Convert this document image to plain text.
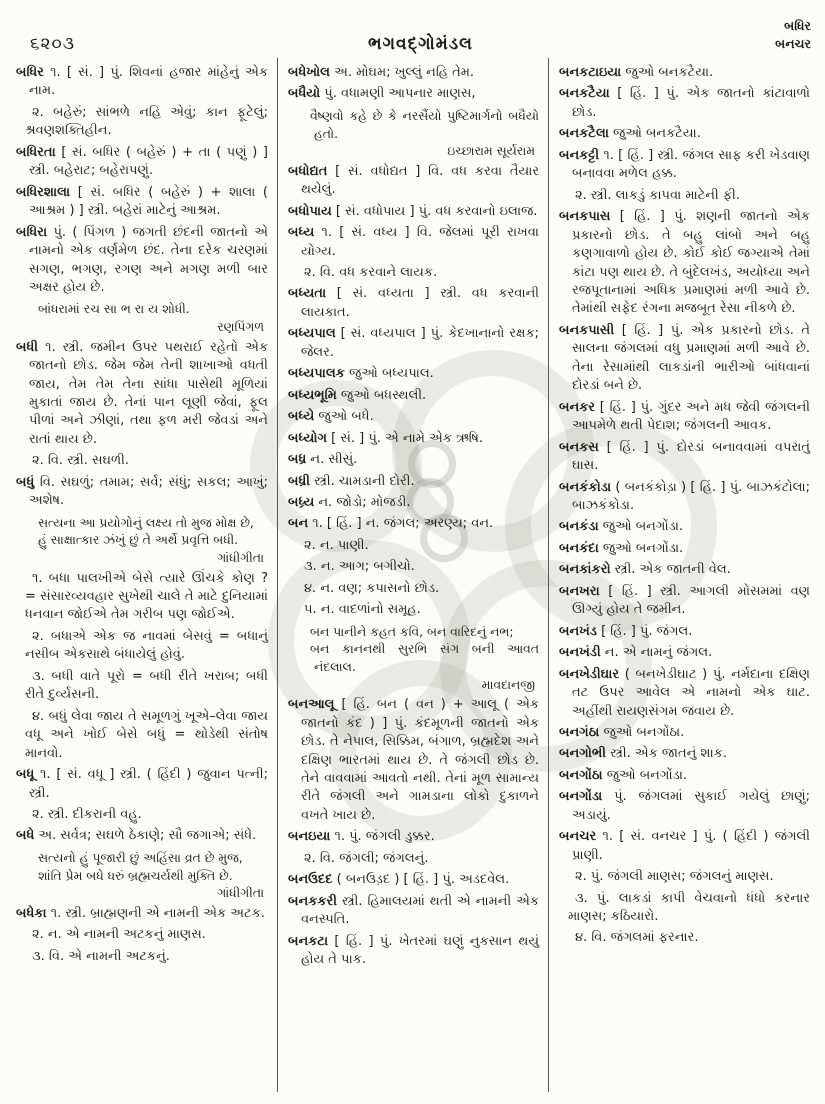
૬૨૦૩	ભગવદ્ગોમંડલ
બધિર
બનચર

બધિર ૧. [ સં. ] પું. શિવનાં હજાર માંહેનું એક નામ.

૨. બહેરું; સાંભળે નહિ એવું; કાન ફૂટેલું; શ્રવણશક્તિહીન.

બધિરતા [ સં. બધિર ( બહેરું ) + તા ( પણું ) ] સ્ત્રી. બહેરાટ; બહેરાપણું.

બધિરશાલા [ સં. બધિર ( બહેરું ) + શાલા ( આશ્રમ ) ] સ્ત્રી. બહેરાં માટેનું આશ્રમ.

બધિરા પું. ( પિંગળ ) જગતી છંદની જાતનો એ નામનો એક વર્ણમેળ છંદ. તેના દરેક ચરણમાં સગણ, ભગણ, રગણ અને મગણ મળી બાર અક્ષર હોય છે.

બાંધરામાં રચ સા ભ રા ય શોધી.

રણપિંગળ

બધી ૧. સ્ત્રી. જમીન ઉપર પથરાઈ રહેતો એક જાતનો છોડ. જેમ જેમ તેની શાખાઓ વધતી જાય, તેમ તેમ તેના સાંધા પાસેથી મૂળિયાં મુકાતાં જાય છે. તેનાં પાન લૂણી જેવાં, ફૂલ પીળાં અને ઝીણાં, તથા ફળ મરી જેવડાં અને રાતાં થાય છે.

૨. વિ. સ્ત્રી. સઘળી.

બધું વિ. સઘળું; તમામ; સર્વ; સંધું; સકલ; આખું; અશેષ.

સત્યના આ પ્રયોગોનું લક્ષ્ય તો મુજ મોક્ષ છે,

હું સાક્ષાત્કાર ઝંખું છું તે અર્થે પ્રવૃત્તિ બધી.

ગાંધીગીતા

૧. બધા પાલખીએ બેસે ત્યારે ઊંચકે કોણ ? = સંસારવ્યવહાર સુખેથી ચાલે તે માટે દુનિયામાં ધનવાન જોઈએ તેમ ગરીબ પણ જોઈએ.

૨. બધાએ એક જ નાવમાં બેસવું = બધાનું નસીબ એકસાથે બંધાયેલું હોવું.

૩. બધી વાતે પૂરો = બધી રીતે ખરાબ; બધી રીતે દુર્વ્યસની.

૪. બધું લેવા જાય તે સમૂળગું ખૂએ–લેવા જાય વધૂ અને ખોઈ બેસે બધું = થોડેથી સંતોષ માનવો.

બધૂ ૧. [ સં. વધૂ ] સ્ત્રી. ( હિંદી ) જુવાન પત્ની; સ્ત્રી.

૨. સ્ત્રી. દીકરાની વહુ.

બધે અ. સર્વત્ર; સઘળે ઠેકાણે; સૌ જગાએ; સંધે.

સત્યનો હું પૂજારી છું અહિંસા વ્રત છે મુજ,

શાંતિ પ્રેમ બધે ધરું બ્રહ્મચર્યથી મુક્તિ છે.

ગાંધીગીતા

બધેકા ૧. સ્ત્રી. બ્રાહ્મણની એ નામની એક અટક.

૨. ન. એ નામની અટકનું માણસ.

૩. વિ. એ નામની અટકનું.

બધેખોલ અ. મોઘમ; ખુલ્લું નહિ તેમ.

બધૈયો પું. વધામણી આપનાર માણસ,

વૈષ્ણવો કહે છે કે નરસૈંયો પુષ્ટિમાર્ગનો બધૈયો હતો.

ઇચ્છારામ સૂર્યરામ

બધોદ્યત [ સં. વધોદ્યત ] વિ. વધ કરવા તૈયાર થયેલું.

બધોપાય [ સં. વધોપાય ] પું. વધ કરવાનો ઇલાજ.

બધ્ય ૧. [ સં. વધ્ય ] વિ. જેલમાં પૂરી રાખવા યોગ્ય.

૨. વિ. વધ કરવાને લાયક.

બધ્યતા [ સં. વધ્યતા ] સ્ત્રી. વધ કરવાની લાયકાત.

બધ્યપાલ [ સં. વધ્યપાલ ] પું. કેદખાનાનો રક્ષક; જેલર.

બધ્યપાલક જુઓ બધ્યપાલ.

બધ્યભૂમિ જુઓ બધસ્થલી.

બધ્યે જુઓ બધે.

બધ્યોગ [ સં. ] પું. એ નામે એક ઋષિ.

બધ્ર ન. સીસું.

બધ્રી સ્ત્રી. ચામડાની દોરી.

બધ્ર્ય ન. જોડો; મોજડી.

બન ૧. [ હિં. ] ન. જંગલ; અરણ્ય; વન.

૨. ન. પાણી.

૩. ન. આગ; બગીચો.

૪. ન. વણ; કપાસનો છોડ.

૫. ન. વાદળાંનો સમૂહ.

બન પાનીને કહત કવિ, બન વારિદનું નભ;

બન કાનનથી સુરભિ સંગ બની આવત નંદલાલ.

માવદાનજી

બનઆલૂ [ હિં. બન ( વન ) + આલૂ ( એક જાતનો કંદ ) ] પું. કંદમૂળની જાતનો એક છોડ. તે નેપાલ, સિક્કિમ, બંગાળ, બ્રહ્મદેશ અને દક્ષિણ ભારતમાં થાય છે. તે જંગલી છોડ છે. તેને વાવવામાં આવતો નથી. તેનાં મૂળ સામાન્ય રીતે જંગલી અને ગામડાના લોકો દુકાળને વખતે ખાય છે.

બનઇયા ૧. પું. જંગલી ડુક્કર.

૨. વિ. જંગલી; જંગલનું.

બનઉદદ ( બનઉડ઼દ ) [ હિં. ] પું. અડદવેલ.

બનકકરી સ્ત્રી. હિમાલયમાં થતી એ નામની એક વનસ્પતિ.

બનકટા [ હિં. ] પું. ખેતરમાં ઘણું નુકસાન થયું હોય તે પાક.

બનકટાઇયા જુઓ બનકટૈયા.

બનકટૈયા [ હિં. ] પું. એક જાતનો કાંટાવાળો છોડ.

બનકટૈલા જુઓ બનકટૈયા.

બનકટ્ટી ૧. [ હિં. ] સ્ત્રી. જંગલ સાફ કરી ખેડવાણ બનાવવા મળેલ હક્ક.

૨. સ્ત્રી. લાકડું કાપવા માટેની ફી.

બનકપાસ [ હિં. ] પું. શણની જાતનો એક પ્રકારનો છોડ. તે બહુ લાંબો અને બહુ કણગાવાળો હોય છે. કોઈ કોઈ જગ્યાએ તેમાં કાંટા પણ થાય છે. તે બુંદેલખંડ, અયોધ્યા અને રજપૂતાનામાં અધિક પ્રમાણમાં મળી આવે છે. તેમાંથી સફેદ રંગના મજબૂત રેસા નીકળે છે.

બનકપાસી [ હિં. ] પું. એક પ્રકારનો છોડ. તે સાલના જંગલમાં વધુ પ્રમાણમાં મળી આવે છે. તેના રેસામાંથી લાકડાંની ભારીઓ બાંધવાનાં દોરડાં બને છે.

બનકર [ હિં. ] પું. ગુંદર અને મધ જેવી જંગલની આપમેળે થતી પેદાશ; જંગલની આવક.

બનકસ [ હિં. ] પું. દોરડાં બનાવવામાં વપરાતું ઘાસ.

બનકંકોડા ( બનકંકોડ઼ા ) [ હિં. ] પું. બાઝકંટોલા; બાઝકંકોડા.

બનકંડા જુઓ બનગોંડા.

બનકંદા જુઓ બનગોંડા.

બનકાંકરો સ્ત્રી. એક જાતની વેલ.

બનખરા [ હિં. ] સ્ત્રી. આગલી મોસમમાં વણ ઊગ્યું હોય તે જમીન.

બનખંડ [ હિં. ] પું. જંગલ.

બનખંડી ન. એ નામનું જંગલ.

બનખેડીઘાર ( બનખેડીઘાટ ) પું. નર્મદાના દક્ષિણ તટ ઉપર આવેલ એ નામનો એક ઘાટ. અહીંથી રાયણસંગમ જવાય છે.

બનગંઠા જુઓ બનગોંઠા.

બનગોભી સ્ત્રી. એક જાતનું શાક.

બનગોંઠા જુઓ બનગોંડા.

બનગોંડા પું. જંગલમાં સુકાઈ ગયેલું છાણું; અડાયું.

બનચર ૧. [ સં. વનચર ] પું. ( હિંદી ) જંગલી પ્રાણી.

૨. પું. જંગલી માણસ; જંગલનું માણસ.

૩. પું. લાકડાં કાપી વેચવાનો ધંધો કરનાર માણસ; કઠિયારો.

૪. વિ. જંગલમાં ફરનાર.
